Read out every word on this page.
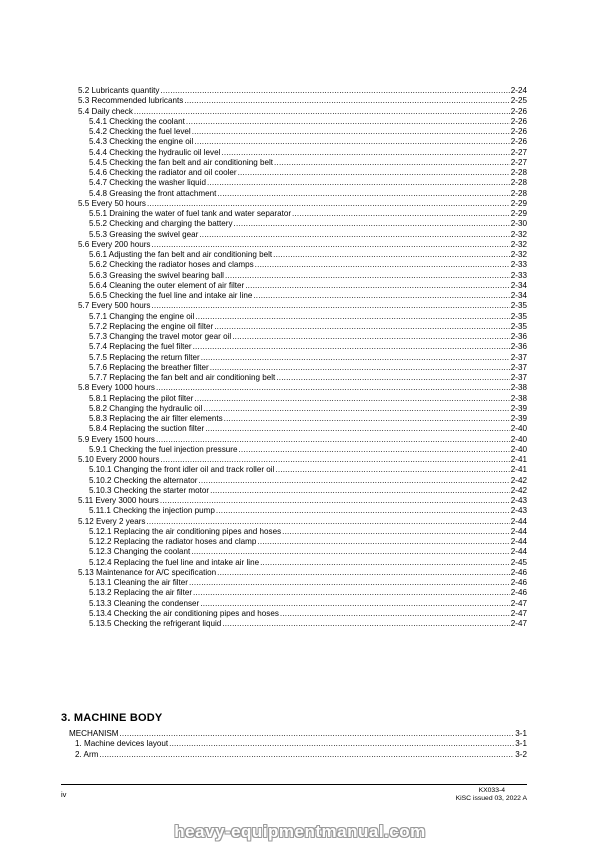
5.2 Lubricants quantity .....	2-24
5.3 Recommended lubricants .....	2-25
5.4 Daily check .....	2-26
5.4.1 Checking the coolant .....	2-26
5.4.2 Checking the fuel level .....	2-26
5.4.3 Checking the engine oil .....	2-26
5.4.4 Checking the hydraulic oil level .....	2-27
5.4.5 Checking the fan belt and air conditioning belt .....	2-27
5.4.6 Checking the radiator and oil cooler .....	2-28
5.4.7 Checking the washer liquid .....	2-28
5.4.8 Greasing the front attachment .....	2-28
5.5 Every 50 hours .....	2-29
5.5.1 Draining the water of fuel tank and water separator .....	2-29
5.5.2 Checking and charging the battery .....	2-30
5.5.3 Greasing the swivel gear .....	2-32
5.6 Every 200 hours .....	2-32
5.6.1 Adjusting the fan belt and air conditioning belt .....	2-32
5.6.2 Checking the radiator hoses and clamps .....	2-33
5.6.3 Greasing the swivel bearing ball .....	2-33
5.6.4 Cleaning the outer element of air filter .....	2-34
5.6.5 Checking the fuel line and intake air line .....	2-34
5.7 Every 500 hours .....	2-35
5.7.1 Changing the engine oil .....	2-35
5.7.2 Replacing the engine oil filter .....	2-35
5.7.3 Changing the travel motor gear oil .....	2-36
5.7.4 Replacing the fuel filter .....	2-36
5.7.5 Replacing the return filter .....	2-37
5.7.6 Replacing the breather filter .....	2-37
5.7.7 Replacing the fan belt and air conditioning belt .....	2-37
5.8 Every 1000 hours .....	2-38
5.8.1 Replacing the pilot filter .....	2-38
5.8.2 Changing the hydraulic oil .....	2-39
5.8.3 Replacing the air filter elements .....	2-39
5.8.4 Replacing the suction filter .....	2-40
5.9 Every 1500 hours .....	2-40
5.9.1 Checking the fuel injection pressure .....	2-40
5.10 Every 2000 hours .....	2-41
5.10.1 Changing the front idler oil and track roller oil .....	2-41
5.10.2 Checking the alternator .....	2-42
5.10.3 Checking the starter motor .....	2-42
5.11 Every 3000 hours .....	2-43
5.11.1 Checking the injection pump .....	2-43
5.12 Every 2 years .....	2-44
5.12.1 Replacing the air conditioning pipes and hoses .....	2-44
5.12.2 Replacing the radiator hoses and clamp .....	2-44
5.12.3 Changing the coolant .....	2-44
5.12.4 Replacing the fuel line and intake air line .....	2-45
5.13 Maintenance for A/C specification .....	2-46
5.13.1 Cleaning the air filter .....	2-46
5.13.2 Replacing the air filter .....	2-46
5.13.3 Cleaning the condenser .....	2-47
5.13.4 Checking the air conditioning pipes and hoses .....	2-47
5.13.5 Checking the refrigerant liquid .....	2-47
3. MACHINE BODY
MECHANISM .....	3-1
1. Machine devices layout .....	3-1
2. Arm .....	3-2
iv	KX033-4
KiSC issued 03, 2022 A
heavy-equipmentmanual.com
